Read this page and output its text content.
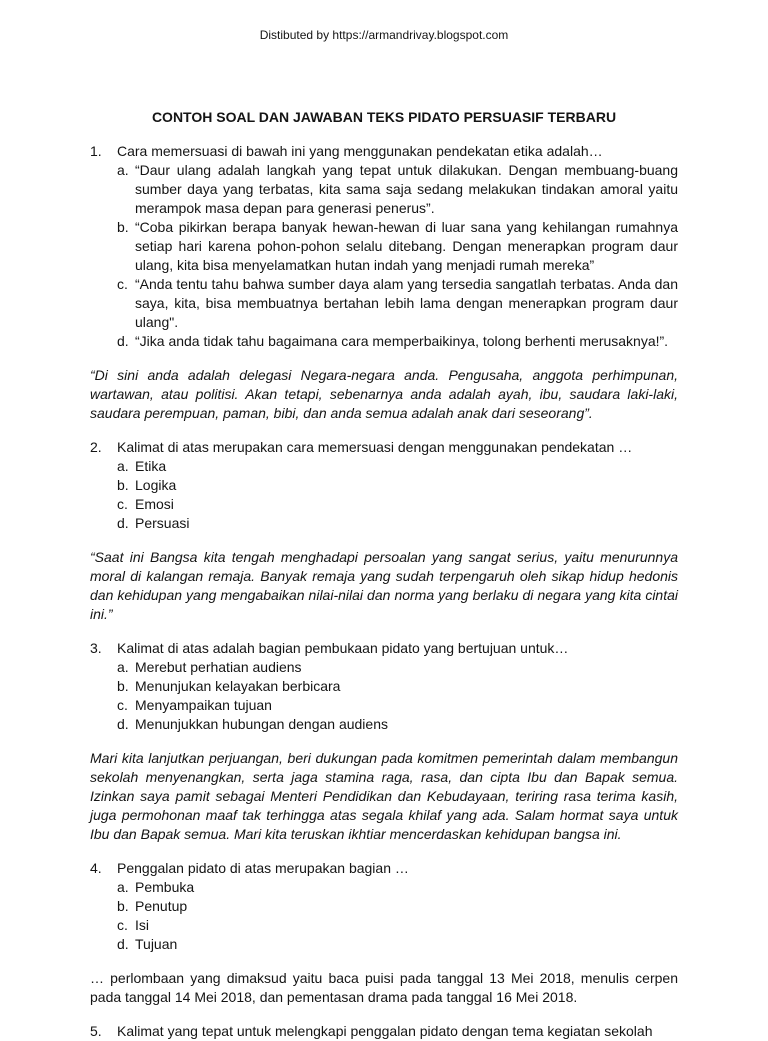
Distibuted by https://armandrivay.blogspot.com
CONTOH SOAL DAN JAWABAN TEKS PIDATO PERSUASIF TERBARU
1.	Cara memersuasi di bawah ini yang menggunakan pendekatan etika adalah…
a. “Daur ulang adalah langkah yang tepat untuk dilakukan. Dengan membuang-buang sumber daya yang terbatas, kita sama saja sedang melakukan tindakan amoral yaitu merampok masa depan para generasi penerus”.
b. “Coba pikirkan berapa banyak hewan-hewan di luar sana yang kehilangan rumahnya setiap hari karena pohon-pohon selalu ditebang. Dengan menerapkan program daur ulang, kita bisa menyelamatkan hutan indah yang menjadi rumah mereka”
c. “Anda tentu tahu bahwa sumber daya alam yang tersedia sangatlah terbatas. Anda dan saya, kita, bisa membuatnya bertahan lebih lama dengan menerapkan program daur ulang".
d. “Jika anda tidak tahu bagaimana cara memperbaikinya, tolong berhenti merusaknya!”.
“Di sini anda adalah delegasi Negara-negara anda. Pengusaha, anggota perhimpunan, wartawan, atau politisi. Akan tetapi, sebenarnya anda adalah ayah, ibu, saudara laki-laki, saudara perempuan, paman, bibi, dan anda semua adalah anak dari seseorang”.
2.	Kalimat di atas merupakan cara memersuasi dengan menggunakan pendekatan …
a. Etika
b. Logika
c. Emosi
d. Persuasi
“Saat ini Bangsa kita tengah menghadapi persoalan yang sangat serius, yaitu menurunnya moral di kalangan remaja. Banyak remaja yang sudah terpengaruh oleh sikap hidup hedonis dan kehidupan yang mengabaikan nilai-nilai dan norma yang berlaku di negara yang kita cintai ini.”
3.	Kalimat di atas adalah bagian pembukaan pidato yang bertujuan untuk…
a. Merebut perhatian audiens
b. Menunjukan kelayakan berbicara
c. Menyampaikan tujuan
d. Menunjukkan hubungan dengan audiens
Mari kita lanjutkan perjuangan, beri dukungan pada komitmen pemerintah dalam membangun sekolah menyenangkan, serta jaga stamina raga, rasa, dan cipta Ibu dan Bapak semua. Izinkan saya pamit sebagai Menteri Pendidikan dan Kebudayaan, teriring rasa terima kasih, juga permohonan maaf tak terhingga atas segala khilaf yang ada. Salam hormat saya untuk Ibu dan Bapak semua. Mari kita teruskan ikhtiar mencerdaskan kehidupan bangsa ini.
4.	Penggalan pidato di atas merupakan bagian …
a. Pembuka
b. Penutup
c. Isi
d. Tujuan
… perlombaan yang dimaksud yaitu baca puisi pada tanggal 13 Mei 2018, menulis cerpen pada tanggal 14 Mei 2018, dan pementasan drama pada tanggal 16 Mei 2018.
5.	Kalimat yang tepat untuk melengkapi penggalan pidato dengan tema kegiatan sekolah
